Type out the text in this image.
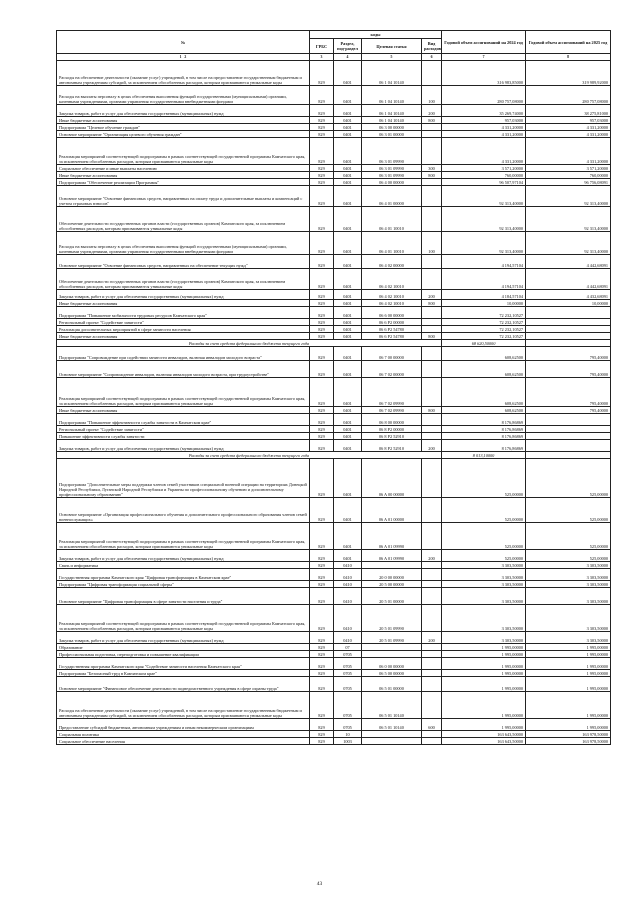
№	коды				Годовой объем ассигнований на 2024 год	Годовой объем ассигнований на 2025 год
	ГРБС	Раздел, под-раздел	Целевая статья	Вид расходов		
1 2	3	4	5	6	7	8
Расходы на обеспечение деятельности (оказание услуг) учреждений, в том числе на предоставление государственным бюджетным и автономным учреждениям субсидий, за исключением обособленных расходов, которым присваиваются уникальные коды	829	0401	06 1 04 10140		316 983,85000	319 989,92000
Расходы на выплаты персоналу в целях обеспечения выполнения функций государственными (муниципальными) органами, казенными учреждениями, органами управления государственными внебюджетными фондами	829	0401	06 1 04 10140	100	280 757,08000	280 757,08000
Закупка товаров, работ и услуг для обеспечения государственных (муниципальных) нужд	829	0401	06 1 04 10140	200	35 269,74000	38 275,81000
Иные бюджетные ассигнования	829	0401	06 1 04 10140	800	957,03000	957,03000
Подпрограмма "Целевое обучение граждан"	829	0401	06 3 00 00000		4 331,20000	4 331,20000
Основное мероприятие "Организация целевого обучения граждан"	829	0401	06 3 01 00000		4 331,20000	4 331,20000
Реализация мероприятий соответствующей подпрограммы в рамках соответствующей государственной программы Камчатского края, за исключением обособленных расходов, которым присваиваются уникальные коды	829	0401	06 3 01 09990		4 331,20000	4 331,20000
Социальное обеспечение и иные выплаты населению	829	0401	06 3 01 09990	300	3 571,20000	3 571,20000
Иные бюджетные ассигнования	829	0401	06 3 01 09990	800	760,00000	760,00000
Подпрограмма "Обеспечение реализации Программы"	829	0401	06 4 00 00000		96 507,97104	96 756,08091
Основное мероприятие "Освоение финансовых средств, направленных на оплату труда и дополнительные выплаты и компенсаций с учетом страховых взносов"	829	0401	06 4 01 00000		92 313,40000	92 313,40000
Обеспечение деятельности государственных органов власти (государственных органов) Камчатского края, за исключением обособленных расходов, которым присваиваются уникальные коды	829	0401	06 4 01 10010		92 313,40000	92 313,40000
Расходы на выплаты персоналу в целях обеспечения выполнения функций государственными (муниципальными) органами, казенными учреждениями, органами управления государственными внебюджетными фондами	829	0401	06 4 01 10010	100	92 313,40000	92 313,40000
Основное мероприятие "Освоение финансовых средств, направленных на обеспечение текущих нужд"	829	0401	06 4 02 00000		4 194,57104	4 442,68091
Обеспечение деятельности государственных органов власти (государственных органов) Камчатского края, за исключением обособленных расходов, которым присваиваются уникальные коды	829	0401	06 4 02 10010		4 194,57104	4 442,68091
Закупка товаров, работ и услуг для обеспечения государственных (муниципальных) нужд	829	0401	06 4 02 10010	200	4 184,57104	4 432,68091
Иные бюджетные ассигнования	829	0401	06 4 02 10010	800	10,00000	10,00000
Подпрограмма "Повышение мобильности трудовых ресурсов Камчатского края"	829	0401	06 6 00 00000		72 232,10527	
Региональный проект "Содействие занятости"	829	0401	06 6 P2 00000		72 232,10527	
Реализация дополнительных мероприятий в сфере занятости населения	829	0401	06 6 P2 54780		72 232,10527	
Иные бюджетные ассигнования	829	0401	06 6 P2 54780	800	72 232,10527	
Расходы за счет средств федерального бюджета текущего года					68 620,50000	
Подпрограмма "Сопровождение при содействии занятости инвалидов, включая инвалидов молодого возраста"	829	0401	06 7 00 00000		608,62500	795,40000
Основное мероприятие "Сопровождение инвалидов, включая инвалидов молодого возраста, при трудоустройстве"	829	0401	06 7 02 00000		608,62500	795,40000
Реализация мероприятий соответствующей подпрограммы в рамках соответствующей государственной программы Камчатского края, за исключением обособленных расходов, которым присваиваются уникальные коды	829	0401	06 7 02 09990		608,62500	795,40000
Иные бюджетные ассигнования	829	0401	06 7 02 09990	800	608,62500	795,40000
Подпрограмма "Повышение эффективности службы занятости в Камчатском крае"	829	0401	06 8 00 00000		8 176,86869	
Региональный проект "Содействие занятости"	829	0401	06 8 P2 00000		8 176,86869	
Повышение эффективности службы занятости	829	0401	06 8 P2 52910		8 176,86869	
Закупка товаров, работ и услуг для обеспечения государственных (муниципальных) нужд	829	0401	06 8 P2 52910	200	8 176,86869	
Расходы за счет средств федерального бюджета текущего года					8 013,10000	
Подпрограмма "Дополнительные меры поддержки членов семей участников специальной военной операции на территориях Донецкой Народной Республики, Луганской Народной Республики и Украины по профессиональному обучению и дополнительному профессиональному образованию"	829	0401	06 A 00 00000		525,00000	525,00000
Основное мероприятие «Организация профессионального обучения и дополнительного профессионального образования членов семей военнослужащих»	829	0401	06 A 01 00000		525,00000	525,00000
Реализация мероприятий соответствующей подпрограммы в рамках соответствующей государственной программы Камчатского края, за исключением обособленных расходов, которым присваиваются уникальные коды	829	0401	06 A 01 09990		525,00000	525,00000
Закупка товаров, работ и услуг для обеспечения государственных (муниципальных) нужд	829	0401	06 A 01 09990	200	525,00000	525,00000
Связь и информатика	829	0410			3 303,50000	3 303,50000
Государственная программа Камчатского края "Цифровая трансформация в Камчатском крае"	829	0410	20 0 00 00000		3 303,50000	3 303,50000
Подпрограмма "Цифровая трансформация социальной сферы"	829	0410	20 5 00 00000		3 303,50000	3 303,50000
Основное мероприятие "Цифровая трансформация в сфере занятости населения и труда"	829	0410	20 5 01 00000		3 303,50000	3 303,50000
Реализация мероприятий соответствующей подпрограммы в рамках соответствующей государственной программы Камчатского края, за исключением обособленных расходов, которым присваиваются уникальные коды	829	0410	20 5 01 09990		3 303,50000	3 303,50000
Закупка товаров, работ и услуг для обеспечения государственных (муниципальных) нужд	829	0410	20 5 01 09990	200	3 303,50000	3 303,50000
Образование	829	07			1 995,00000	1 995,00000
Профессиональная подготовка, переподготовка и повышение квалификации	829	0705			1 995,00000	1 995,00000
Государственная программа Камчатского края "Содействие занятости населения Камчатского края"	829	0705	06 0 00 00000		1 995,00000	1 995,00000
Подпрограмма "Безопасный труд в Камчатском крае"	829	0705	06 5 00 00000		1 995,00000	1 995,00000
Основное мероприятие "Финансовое обеспечение деятельности подведомственного учреждения в сфере охраны труда"	829	0705	06 5 01 00000		1 995,00000	1 995,00000
Расходы на обеспечение деятельности (оказание услуг) учреждений, в том числе на предоставление государственным бюджетным и автономным учреждениям субсидий, за исключением обособленных расходов, которым присваиваются уникальные коды	829	0705	06 5 01 10140		1 995,00000	1 995,00000
Предоставление субсидий бюджетным, автономным учреждениям и иным некоммерческим организациям	829	0705	06 5 01 10140	600	1 995,00000	1 995,00000
Социальная политика	829	10			163 643,50000	163 978,50000
Социальное обеспечение населения	829	1003			163 643,50000	163 978,50000
43
